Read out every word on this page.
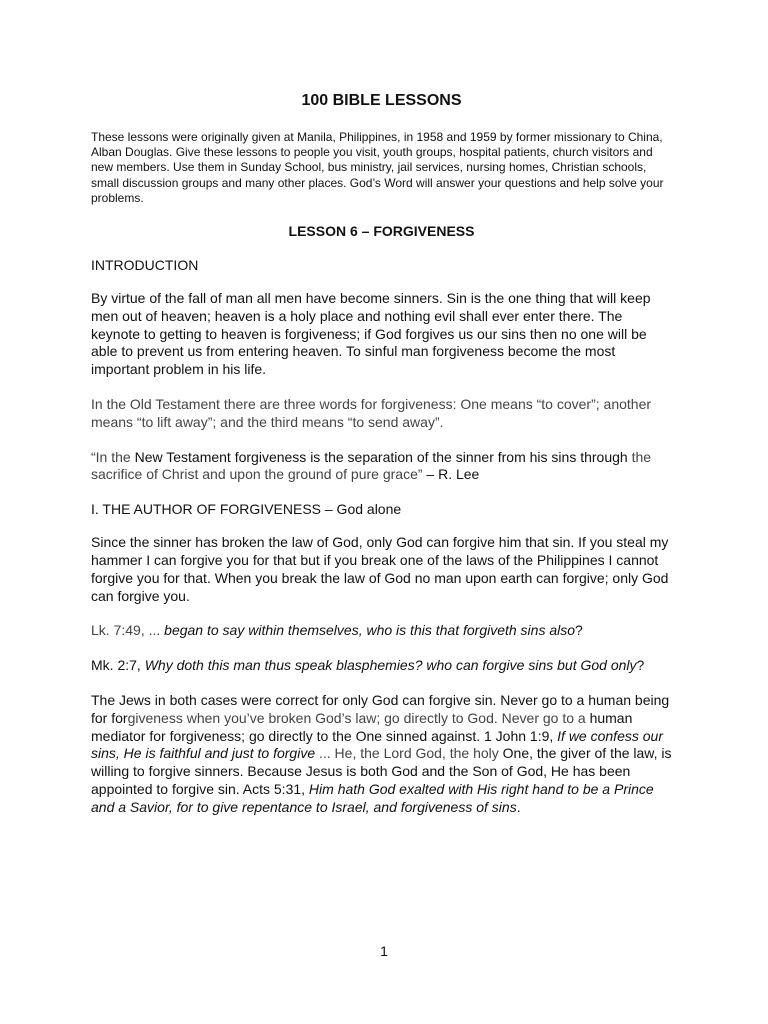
100 BIBLE LESSONS

These lessons were originally given at Manila, Philippines, in 1958 and 1959 by former missionary to China, Alban Douglas. Give these lessons to people you visit, youth groups, hospital patients, church visitors and new members. Use them in Sunday School, bus ministry, jail services, nursing homes, Christian schools, small discussion groups and many other places. God’s Word will answer your questions and help solve your problems.

LESSON 6 – FORGIVENESS
INTRODUCTION

By virtue of the fall of man all men have become sinners. Sin is the one thing that will keep men out of heaven; heaven is a holy place and nothing evil shall ever enter there. The keynote to getting to heaven is forgiveness; if God forgives us our sins then no one will be able to prevent us from entering heaven. To sinful man forgiveness become the most important problem in his life.

In the Old Testament there are three words for forgiveness: One means “to cover”; another means “to lift away”; and the third means “to send away”.

“In the New Testament forgiveness is the separation of the sinner from his sins through the sacrifice of Christ and upon the ground of pure grace” – R. Lee

I. THE AUTHOR OF FORGIVENESS – God alone

Since the sinner has broken the law of God, only God can forgive him that sin. If you steal my hammer I can forgive you for that but if you break one of the laws of the Philippines I cannot forgive you for that. When you break the law of God no man upon earth can forgive; only God can forgive you.

Lk. 7:49, ... began to say within themselves, who is this that forgiveth sins also?

Mk. 2:7, Why doth this man thus speak blasphemies? who can forgive sins but God only?

The Jews in both cases were correct for only God can forgive sin. Never go to a human being for forgiveness when you’ve broken God’s law; go directly to God. Never go to a human mediator for forgiveness; go directly to the One sinned against. 1 John 1:9, If we confess our sins, He is faithful and just to forgive ... He, the Lord God, the holy One, the giver of the law, is willing to forgive sinners. Because Jesus is both God and the Son of God, He has been appointed to forgive sin. Acts 5:31, Him hath God exalted with His right hand to be a Prince and a Savior, for to give repentance to Israel, and forgiveness of sins.

1
